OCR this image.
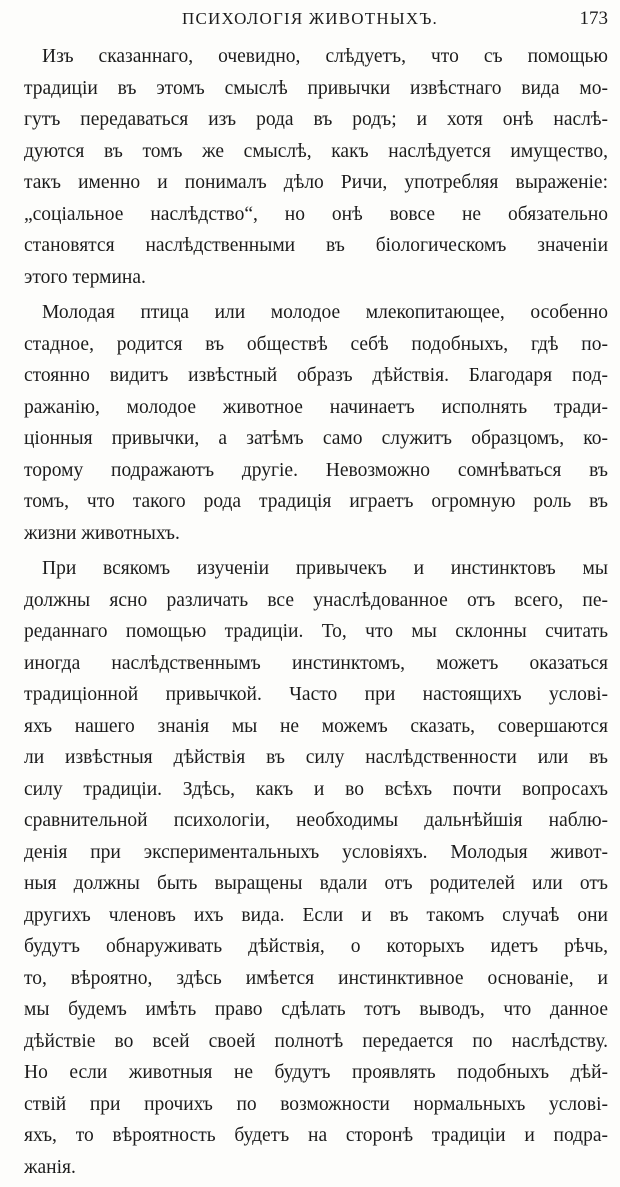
ПСИХОЛОГІЯ ЖИВОТНЫХЪ.	173
Изъ сказаннаго, очевидно, слѣдуетъ, что съ помощью
традиціи въ этомъ смыслѣ привычки извѣстнаго вида мо-
гутъ передаваться изъ рода въ родъ; и хотя онѣ наслѣ-
дуются въ томъ же смыслѣ, какъ наслѣдуется имущество,
такъ именно и понималъ дѣло Ричи, употребляя выраженіе:
„соціальное наслѣдство“, но онѣ вовсе не обязательно
становятся наслѣдственными въ біологическомъ значеніи
этого термина.
Молодая птица или молодое млекопитающее, особенно
стадное, родится въ обществѣ себѣ подобныхъ, гдѣ по-
стоянно видитъ извѣстный образъ дѣйствія. Благодаря под-
ражанію, молодое животное начинаетъ исполнять тради-
ціонныя привычки, а затѣмъ само служитъ образцомъ, ко-
торому подражаютъ другіе. Невозможно сомнѣваться въ
томъ, что такого рода традиція играетъ огромную роль въ
жизни животныхъ.
При всякомъ изученіи привычекъ и инстинктовъ мы
должны ясно различать все унаслѣдованное отъ всего, пе-
реданнаго помощью традиціи. То, что мы склонны считать
иногда наслѣдственнымъ инстинктомъ, можетъ оказаться
традиціонной привычкой. Часто при настоящихъ услові-
яхъ нашего знанія мы не можемъ сказать, совершаются
ли извѣстныя дѣйствія въ силу наслѣдственности или въ
силу традиціи. Здѣсь, какъ и во всѣхъ почти вопросахъ
сравнительной психологіи, необходимы дальнѣйшія наблю-
денія при экспериментальныхъ условіяхъ. Молодыя живот-
ныя должны быть выращены вдали отъ родителей или отъ
другихъ членовъ ихъ вида. Если и въ такомъ случаѣ они
будутъ обнаруживать дѣйствія, о которыхъ идетъ рѣчь,
то, вѣроятно, здѣсь имѣется инстинктивное основаніе, и
мы будемъ имѣть право сдѣлать тотъ выводъ, что данное
дѣйствіе во всей своей полнотѣ передается по наслѣдству.
Но если животныя не будутъ проявлять подобныхъ дѣй-
ствій при прочихъ по возможности нормальныхъ услові-
яхъ, то вѣроятность будетъ на сторонѣ традиціи и подра-
жанія.
